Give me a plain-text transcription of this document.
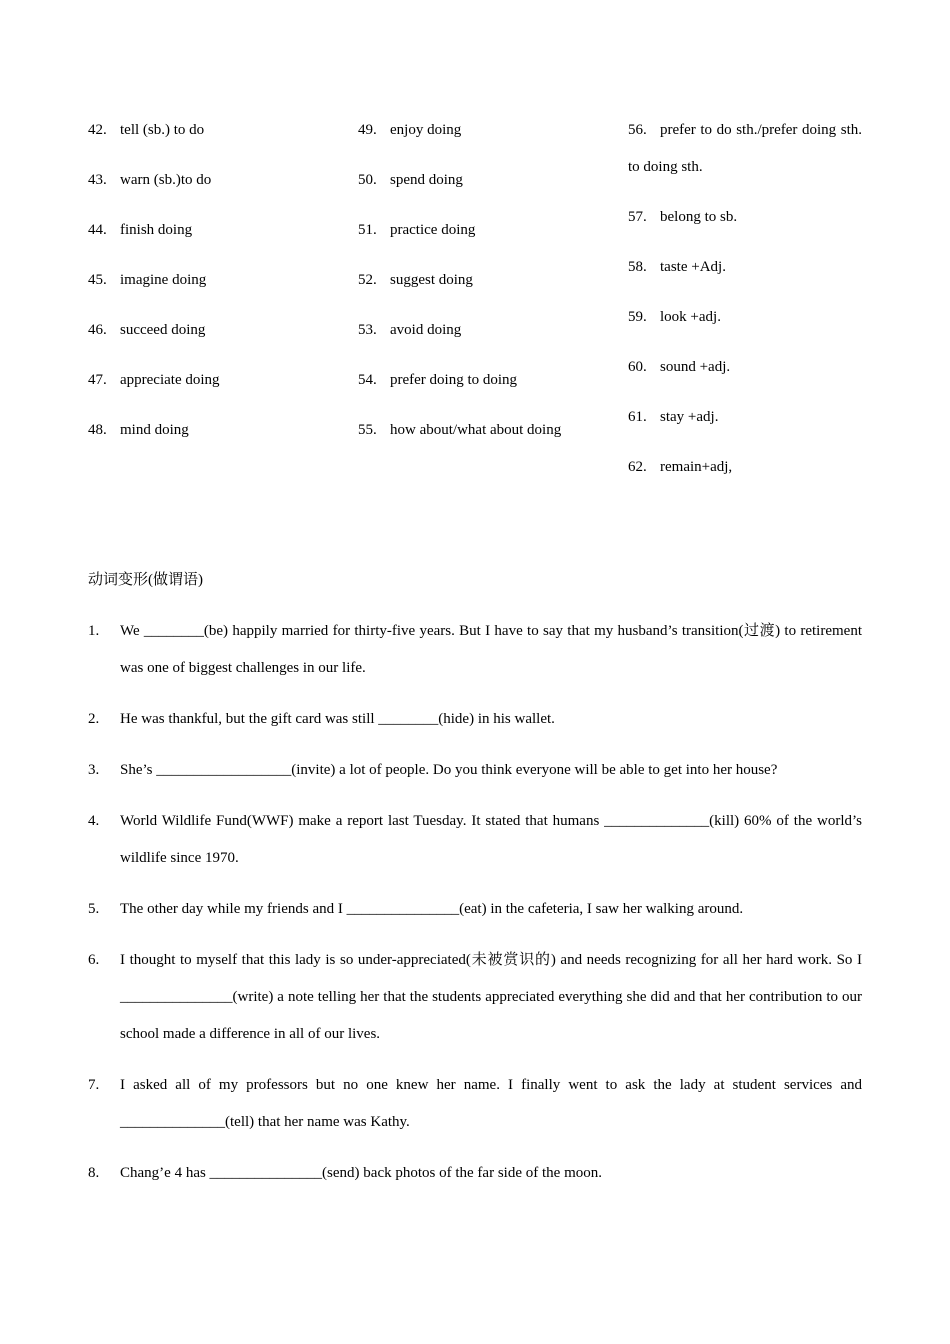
42. tell (sb.) to do
43. warn (sb.)to do
44. finish doing
45. imagine doing
46. succeed doing
47. appreciate doing
48. mind doing
49. enjoy doing
50. spend doing
51. practice doing
52. suggest doing
53. avoid doing
54. prefer doing to doing
55. how about/what about doing
56. prefer to do sth./prefer doing sth. to doing sth.
57. belong to sb.
58. taste +Adj.
59. look +adj.
60. sound +adj.
61. stay +adj.
62. remain+adj,
动词变形(做谓语)
1.	We ________(be) happily married for thirty-five years. But I have to say that my husband’s transition(过渡) to retirement was one of biggest challenges in our life.
2.	He was thankful, but the gift card was still ________(hide) in his wallet.
3.	She’s __________________(invite) a lot of people. Do you think everyone will be able to get into her house?
4.	World Wildlife Fund(WWF) make a report last Tuesday. It stated that humans ______________(kill) 60% of the world’s wildlife since 1970.
5.	The other day while my friends and I _______________(eat) in the cafeteria, I saw her walking around.
6.	I thought to myself that this lady is so under-appreciated(未被赏识的) and needs recognizing for all her hard work. So I _______________(write) a note telling her that the students appreciated everything she did and that her contribution to our school made a difference in all of our lives.
7.	I asked all of my professors but no one knew her name. I finally went to ask the lady at student services and ______________(tell) that her name was Kathy.
8.	Chang’e 4 has _______________(send) back photos of the far side of the moon.
